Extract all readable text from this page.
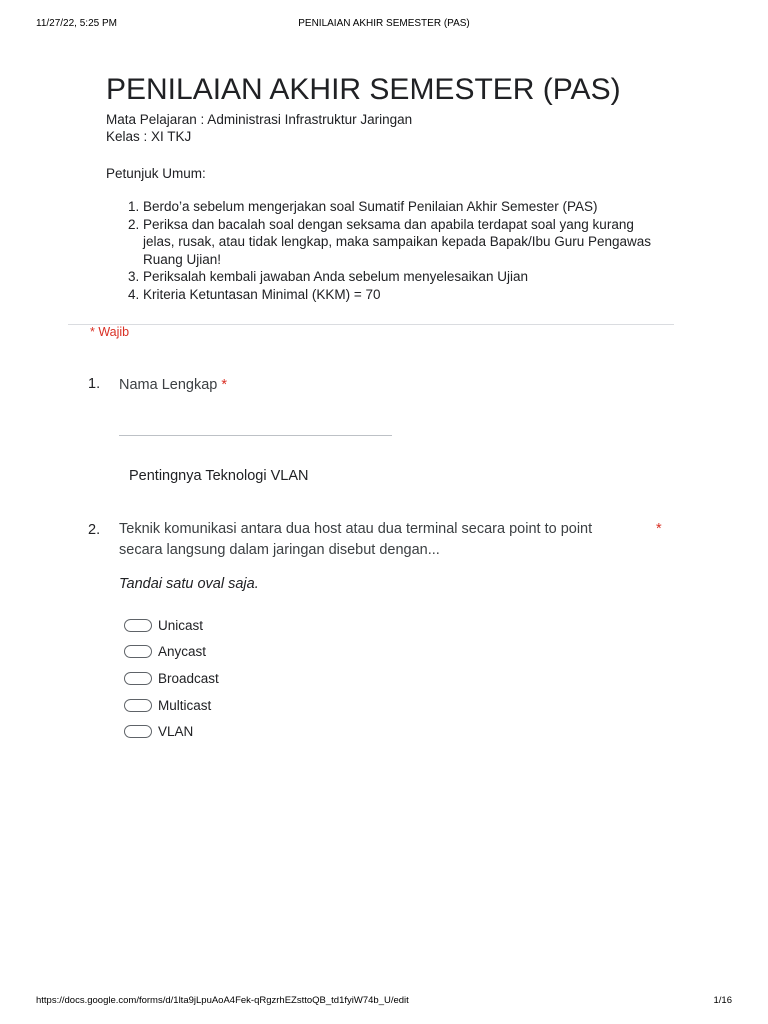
11/27/22, 5:25 PM	PENILAIAN AKHIR SEMESTER (PAS)
PENILAIAN AKHIR SEMESTER (PAS)
Mata Pelajaran : Administrasi Infrastruktur Jaringan
Kelas : XI TKJ
Petunjuk Umum:
1. Berdo’a sebelum mengerjakan soal Sumatif Penilaian Akhir Semester (PAS)
2. Periksa dan bacalah soal dengan seksama dan apabila terdapat soal yang kurang jelas, rusak, atau tidak lengkap, maka sampaikan kepada Bapak/Ibu Guru Pengawas Ruang Ujian!
3. Periksalah kembali jawaban Anda sebelum menyelesaikan Ujian
4. Kriteria Ketuntasan Minimal (KKM) = 70
* Wajib
1. Nama Lengkap *
Pentingnya Teknologi VLAN
2. Teknik komunikasi antara dua host atau dua terminal secara point to point secara langsung dalam jaringan disebut dengan...
*
Tandai satu oval saja.
Unicast
Anycast
Broadcast
Multicast
VLAN
https://docs.google.com/forms/d/1lta9jLpuAoA4Fek-qRgzrhEZsttoQB_td1fyiW74b_U/edit	1/16
